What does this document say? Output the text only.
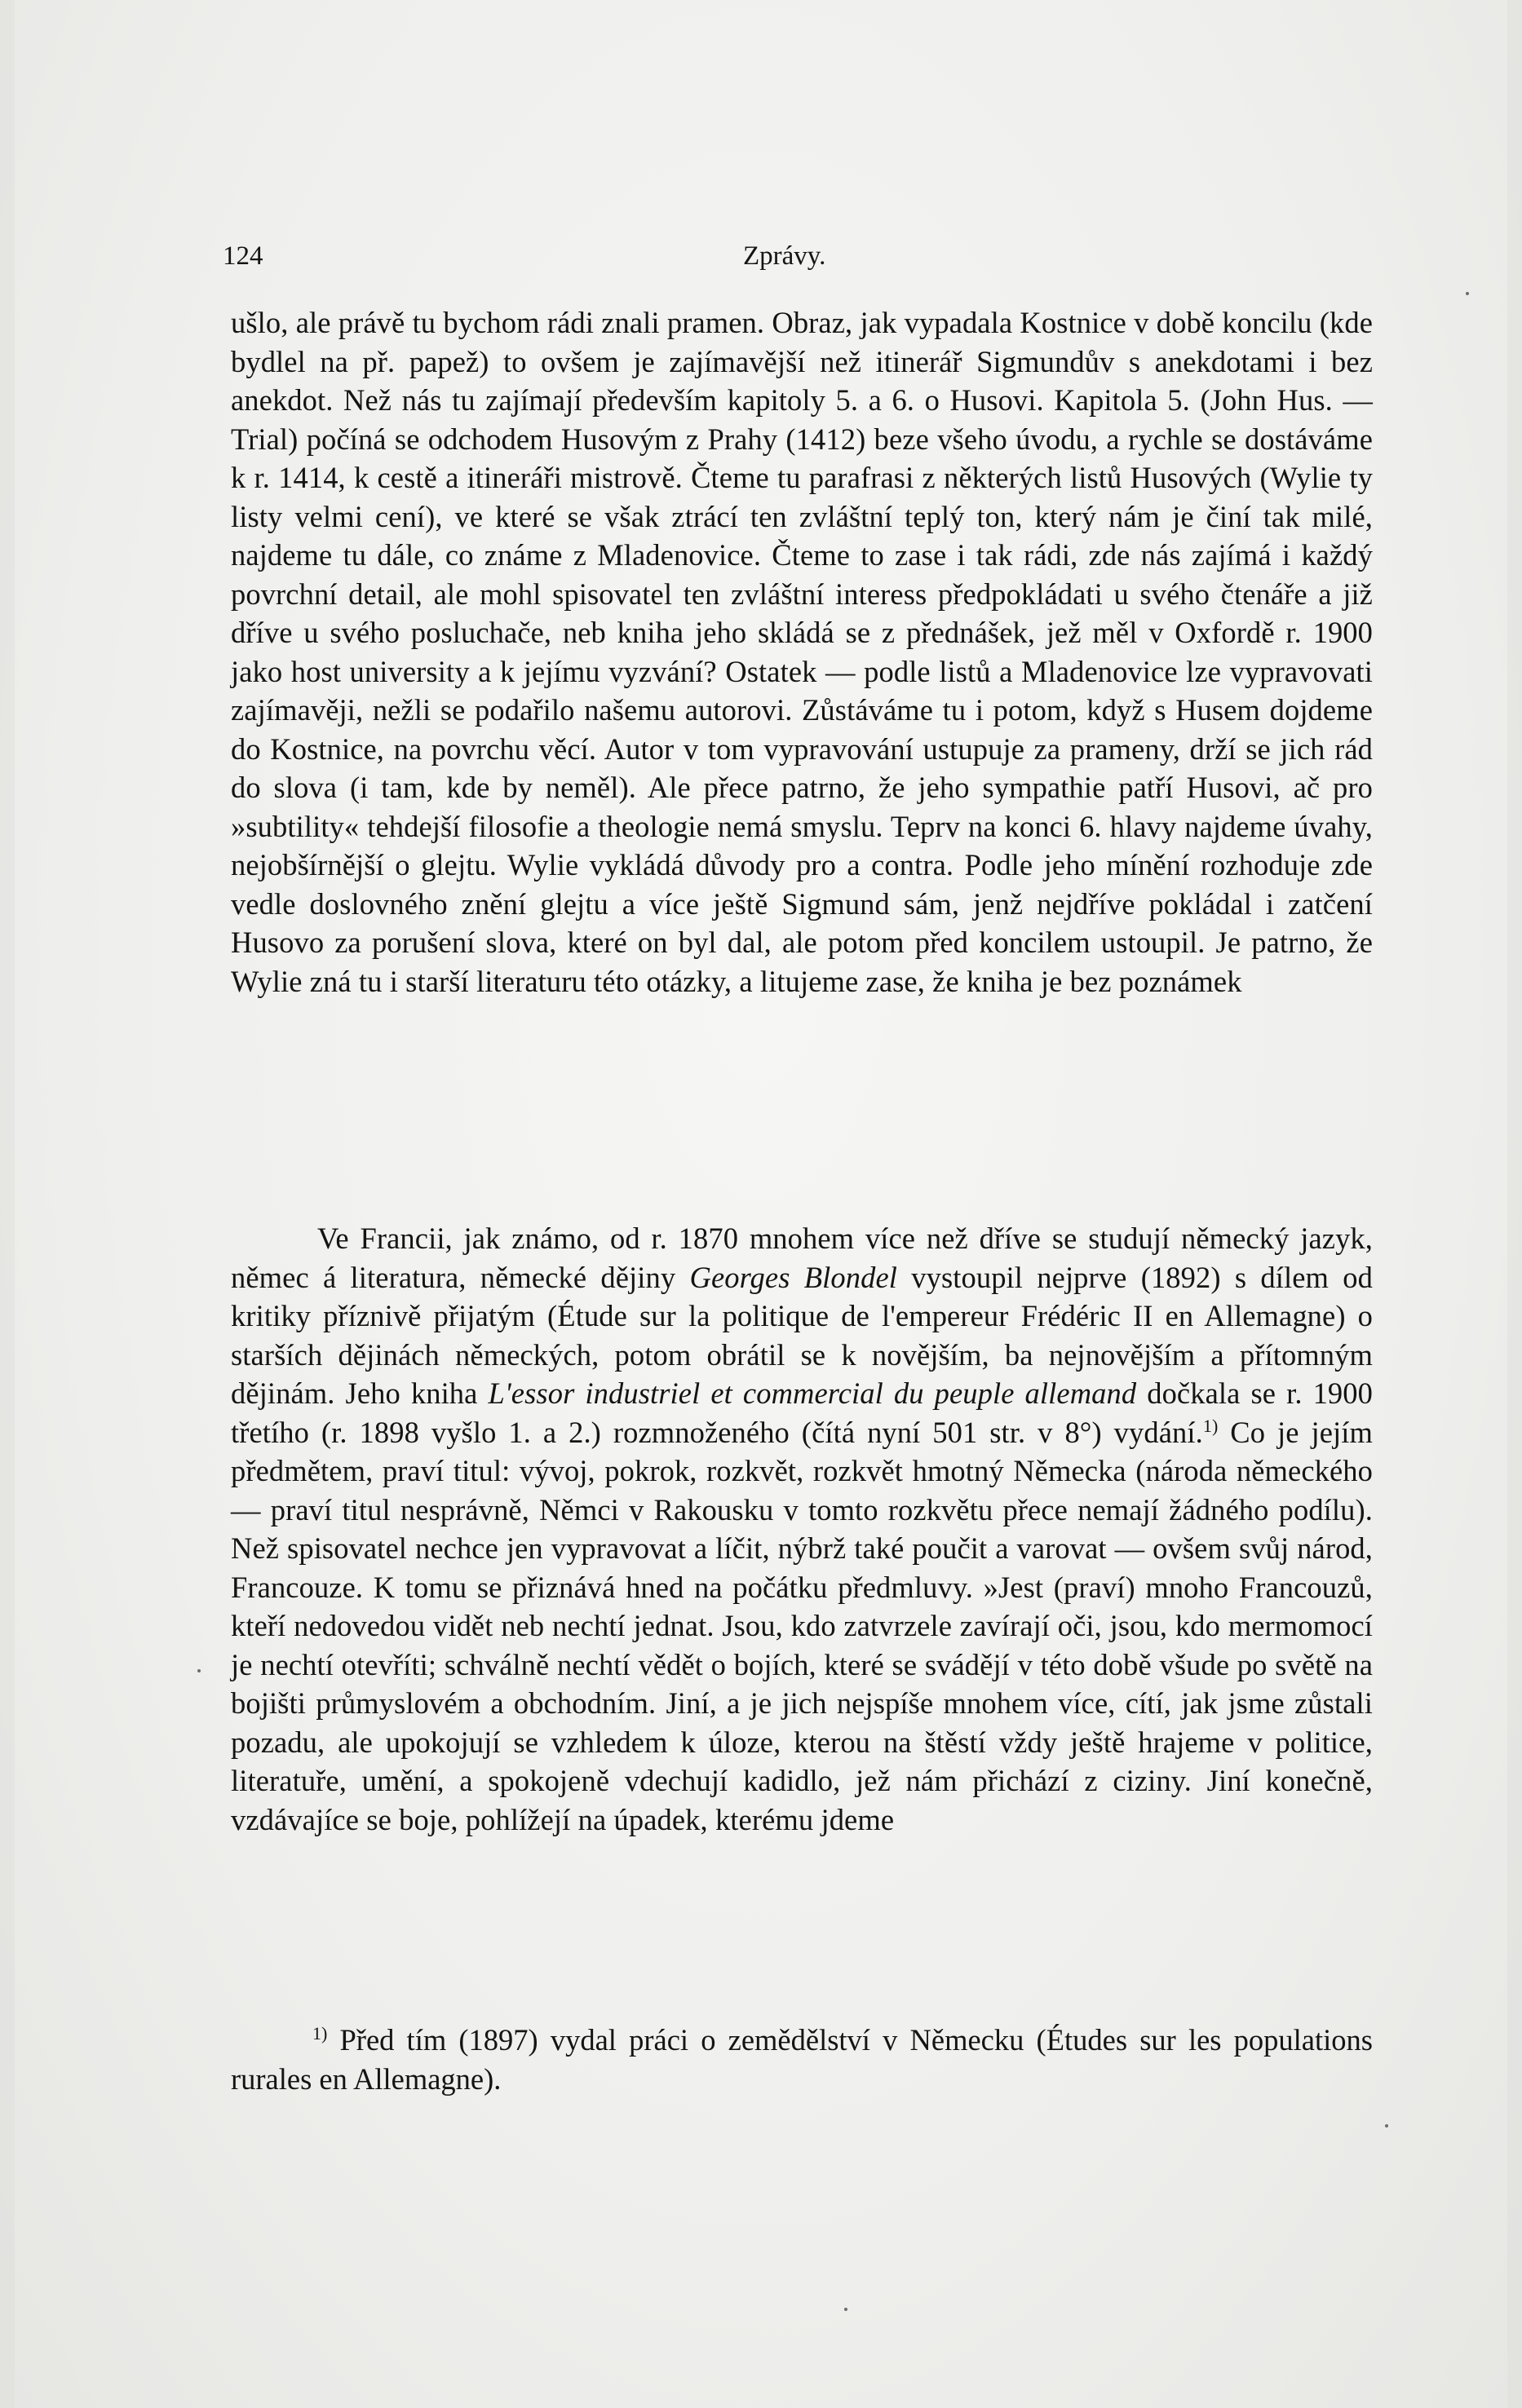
124	Zprávy.
ušlo, ale právě tu bychom rádi znali pramen. Obraz, jak vypadala Kostnice v době koncilu (kde bydlel na př. papež) to ovšem je zajímavější než itinerář Sigmundův s anekdotami i bez anekdot. Než nás tu zajímají především kapitoly 5. a 6. o Husovi. Kapitola 5. (John Hus. — Trial) počíná se odchodem Husovým z Prahy (1412) beze všeho úvodu, a rychle se dostáváme k r. 1414, k cestě a itineráři mistrově. Čteme tu parafrasi z některých listů Husových (Wylie ty listy velmi cení), ve které se však ztrácí ten zvláštní teplý ton, který nám je činí tak milé, najdeme tu dále, co známe z Mladenovice. Čteme to zase i tak rádi, zde nás zajímá i každý povrchní detail, ale mohl spisovatel ten zvláštní interess předpokládati u svého čtenáře a již dříve u svého posluchače, neb kniha jeho skládá se z přednášek, jež měl v Oxfordě r. 1900 jako host university a k jejímu vyzvání? Ostatek — podle listů a Mladenovice lze vypravovati zajímavěji, nežli se podařilo našemu autorovi. Zůstáváme tu i potom, když s Husem dojdeme do Kostnice, na povrchu věcí. Autor v tom vypravování ustupuje za prameny, drží se jich rád do slova (i tam, kde by neměl). Ale přece patrno, že jeho sympathie patří Husovi, ač pro »subtility« tehdejší filosofie a theologie nemá smyslu. Teprv na konci 6. hlavy najdeme úvahy, nejobšírnější o glejtu. Wylie vykládá důvody pro a contra. Podle jeho mínění rozhoduje zde vedle doslovného znění glejtu a více ještě Sigmund sám, jenž nejdříve pokládal i zatčení Husovo za porušení slova, které on byl dal, ale potom před koncilem ustoupil. Je patrno, že Wylie zná tu i starší literaturu této otázky, a litujeme zase, že kniha je bez poznámek
Ve Francii, jak známo, od r. 1870 mnohem více než dříve se studují německý jazyk, němec á literatura, německé dějiny Georges Blondel vystoupil nejprve (1892) s dílem od kritiky příznivě přijatým (Étude sur la politique de l'empereur Frédéric II en Allemagne) o starších dějinách německých, potom obrátil se k novějším, ba nejnovějším a přítomným dějinám. Jeho kniha L'essor industriel et commercial du peuple allemand dočkala se r. 1900 třetího (r. 1898 vyšlo 1. a 2.) rozmnoženého (čítá nyní 501 str. v 8°) vydání.$^{1)}$ Co je jejím předmětem, praví titul: vývoj, pokrok, rozkvět, rozkvět hmotný Německa (národa německého — praví titul nesprávně, Němci v Rakousku v tomto rozkvětu přece nemají žádného podílu). Než spisovatel nechce jen vypravovat a líčit, nýbrž také poučit a varovat — ovšem svůj národ, Francouze. K tomu se přiznává hned na počátku předmluvy. »Jest (praví) mnoho Francouzů, kteří nedovedou vidět neb nechtí jednat. Jsou, kdo zatvrzele zavírají oči, jsou, kdo mermomocí je nechtí otevříti; schválně nechtí vědět o bojích, které se svádějí v této době všude po světě na bojišti průmyslovém a obchodním. Jiní, a je jich nejspíše mnohem více, cítí, jak jsme zůstali pozadu, ale upokojují se vzhledem k úloze, kterou na štěstí vždy ještě hrajeme v politice, literatuře, umění, a spokojeně vdechují kadidlo, jež nám přichází z ciziny. Jiní konečně, vzdávajíce se boje, pohlížejí na úpadek, kterému jdeme
$^{1)}$ Před tím (1897) vydal práci o zemědělství v Německu (Études sur les populations rurales en Allemagne).
